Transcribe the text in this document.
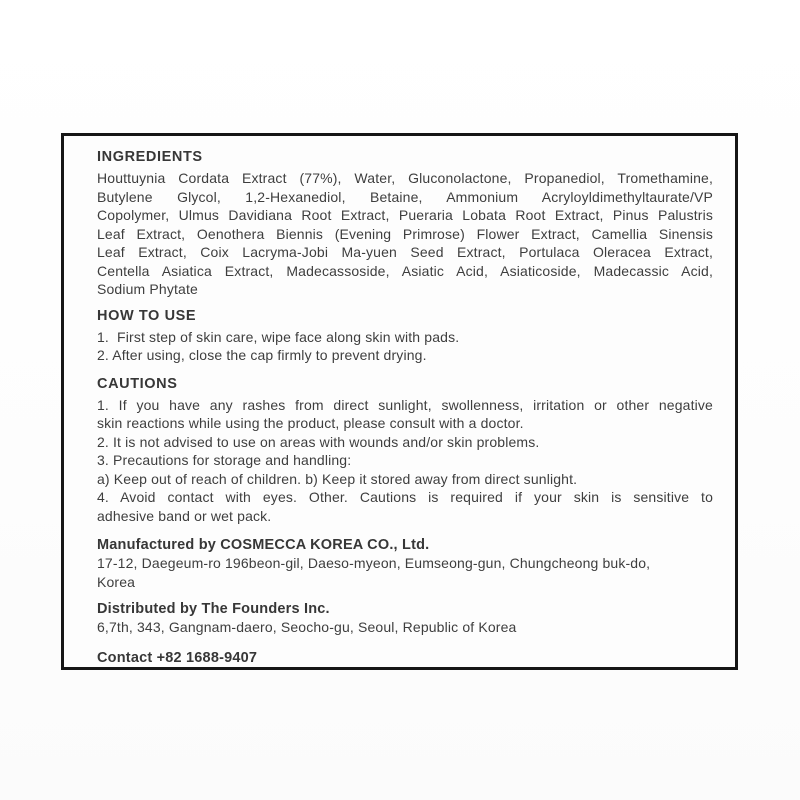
INGREDIENTS
Houttuynia Cordata Extract (77%), Water, Gluconolactone, Propanediol, Tromethamine,
Butylene Glycol, 1,2-Hexanediol, Betaine, Ammonium Acryloyldimethyltaurate/VP
Copolymer, Ulmus Davidiana Root Extract, Pueraria Lobata Root Extract, Pinus Palustris
Leaf Extract, Oenothera Biennis (Evening Primrose) Flower Extract, Camellia Sinensis
Leaf Extract, Coix Lacryma-Jobi Ma-yuen Seed Extract, Portulaca Oleracea Extract,
Centella Asiatica Extract, Madecassoside, Asiatic Acid, Asiaticoside, Madecassic Acid,
Sodium Phytate
HOW TO USE
1.  First step of skin care, wipe face along skin with pads.
2. After using, close the cap firmly to prevent drying.
CAUTIONS
1. If you have any rashes from direct sunlight, swollenness, irritation or other negative
skin reactions while using the product, please consult with a doctor.
2. It is not advised to use on areas with wounds and/or skin problems.
3. Precautions for storage and handling:
a) Keep out of reach of children. b) Keep it stored away from direct sunlight.
4. Avoid contact with eyes. Other. Cautions is required if your skin is sensitive to
adhesive band or wet pack.
Manufactured by COSMECCA KOREA CO., Ltd.
17-12, Daegeum-ro 196beon-gil, Daeso-myeon, Eumseong-gun, Chungcheong buk-do,
Korea
Distributed by The Founders Inc.
6,7th, 343, Gangnam-daero, Seocho-gu, Seoul, Republic of Korea
Contact +82 1688-9407
